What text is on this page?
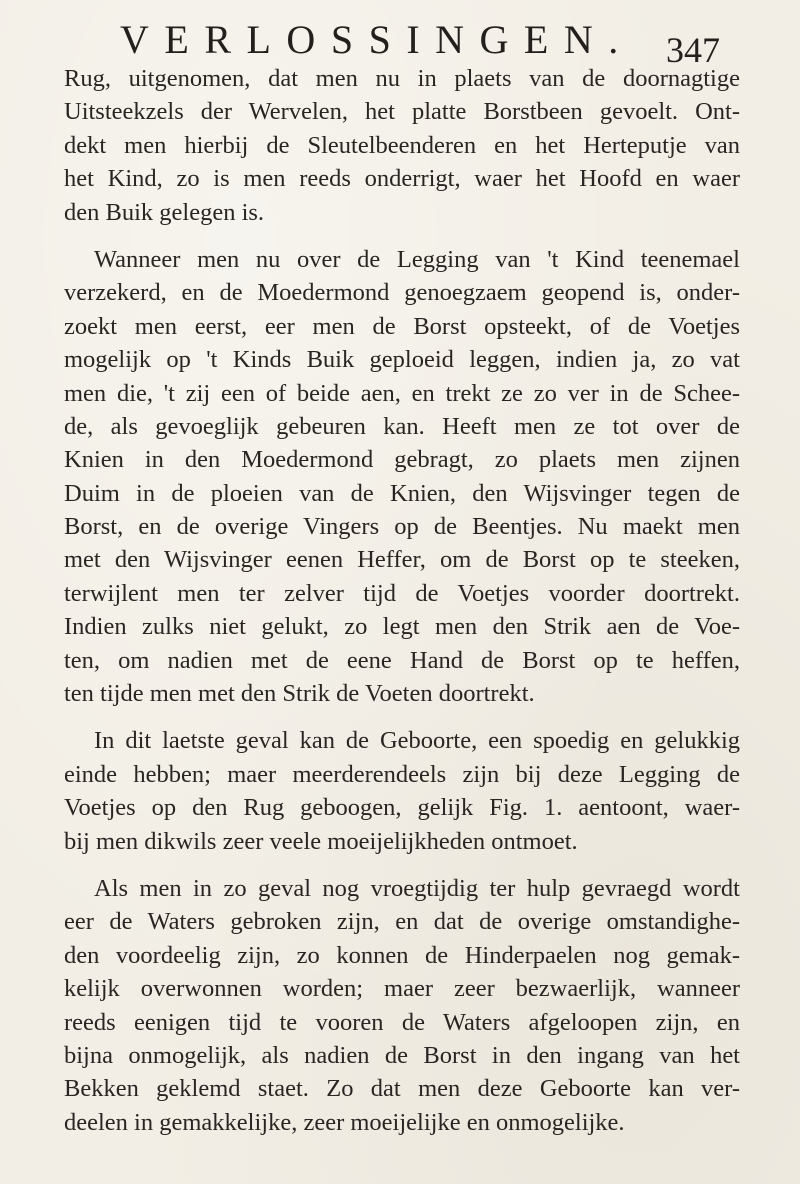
VERLOSSINGEN. 347
Rug, uitgenomen, dat men nu in plaets van de doornagtige
Uitsteekzels der Wervelen, het platte Borstbeen gevoelt. Ont-
dekt men hierbij de Sleutelbeenderen en het Herteputje van
het Kind, zo is men reeds onderrigt, waer het Hoofd en waer
den Buik gelegen is.
Wanneer men nu over de Legging van 't Kind teenemael
verzekerd, en de Moedermond genoegzaem geopend is, onder-
zoekt men eerst, eer men de Borst opsteekt, of de Voetjes
mogelijk op 't Kinds Buik geploeid leggen, indien ja, zo vat
men die, 't zij een of beide aen, en trekt ze zo ver in de Schee-
de, als gevoeglijk gebeuren kan. Heeft men ze tot over de
Knien in den Moedermond gebragt, zo plaets men zijnen
Duim in de ploeien van de Knien, den Wijsvinger tegen de
Borst, en de overige Vingers op de Beentjes. Nu maekt men
met den Wijsvinger eenen Heffer, om de Borst op te steeken,
terwijlent men ter zelver tijd de Voetjes voorder doortrekt.
Indien zulks niet gelukt, zo legt men den Strik aen de Voe-
ten, om nadien met de eene Hand de Borst op te heffen,
ten tijde men met den Strik de Voeten doortrekt.
In dit laetste geval kan de Geboorte, een spoedig en gelukkig
einde hebben; maer meerderendeels zijn bij deze Legging de
Voetjes op den Rug geboogen, gelijk Fig. 1. aentoont, waer-
bij men dikwils zeer veele moeijelijkheden ontmoet.
Als men in zo geval nog vroegtijdig ter hulp gevraegd wordt
eer de Waters gebroken zijn, en dat de overige omstandighe-
den voordeelig zijn, zo konnen de Hinderpaelen nog gemak-
kelijk overwonnen worden; maer zeer bezwaerlijk, wanneer
reeds eenigen tijd te vooren de Waters afgeloopen zijn, en
bijna onmogelijk, als nadien de Borst in den ingang van het
Bekken geklemd staet. Zo dat men deze Geboorte kan ver-
deelen in gemakkelijke, zeer moeijelijke en onmogelijke.
